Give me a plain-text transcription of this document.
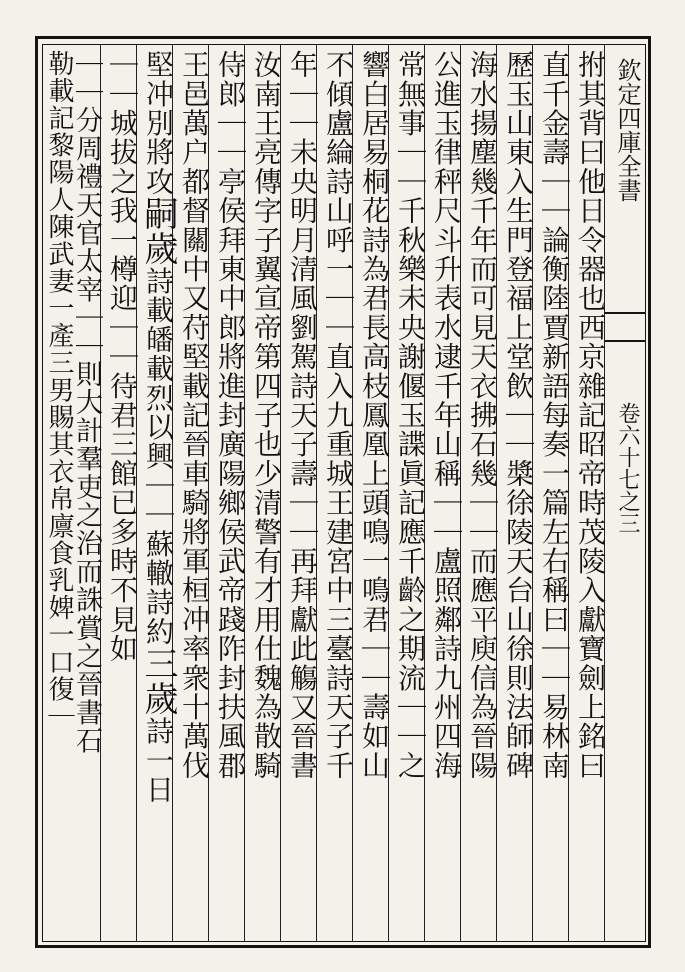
欽定四庫全書
卷六十七之三
拊其背曰他日令器也西京雜記昭帝時茂陵入獻寶劍上銘曰
直千金壽｜｜論衡陸賈新語每奏一篇左右稱曰｜｜易林南
歷玉山東入生門登福上堂飲｜｜槳徐陵天台山徐則法師碑
海水揚塵幾千年而可見天衣拂石幾｜｜而應平庾信為晉陽
公進玉律秤尺斗升表水逮千年山稱｜｜盧照鄰詩九州四海
常無事｜｜千秋樂未央謝偃玉諜眞記應千齡之期流｜｜之
響白居易桐花詩為君長高枝鳳凰上頭鳴一鳴君｜｜壽如山
不傾盧綸詩山呼一｜｜直入九重城王建宮中三臺詩天子千
年｜｜未央明月清風劉駕詩天子壽｜｜再拜獻此觴又晉書
汝南王亮傳字子翼宣帝第四子也少清警有才用仕魏為散騎
侍郎｜｜亭侯拜東中郎將進封廣陽鄉侯武帝踐阼封扶風郡
王邑萬户都督關中又苻堅載記晉車騎將軍桓冲率衆十萬伐
堅冲別將攻嗣歲詩載皤載烈以興｜｜蘇轍詩約三歲詩一日
｜｜城拔之我一樽迎｜｜待君三館已多時不見如
｜｜分周禮天官太宰｜｜則大計羣吏之治而誅賞之晉書石
勒載記黎陽人陳武妻一產三男賜其衣帛廪食乳婢一口復｜
